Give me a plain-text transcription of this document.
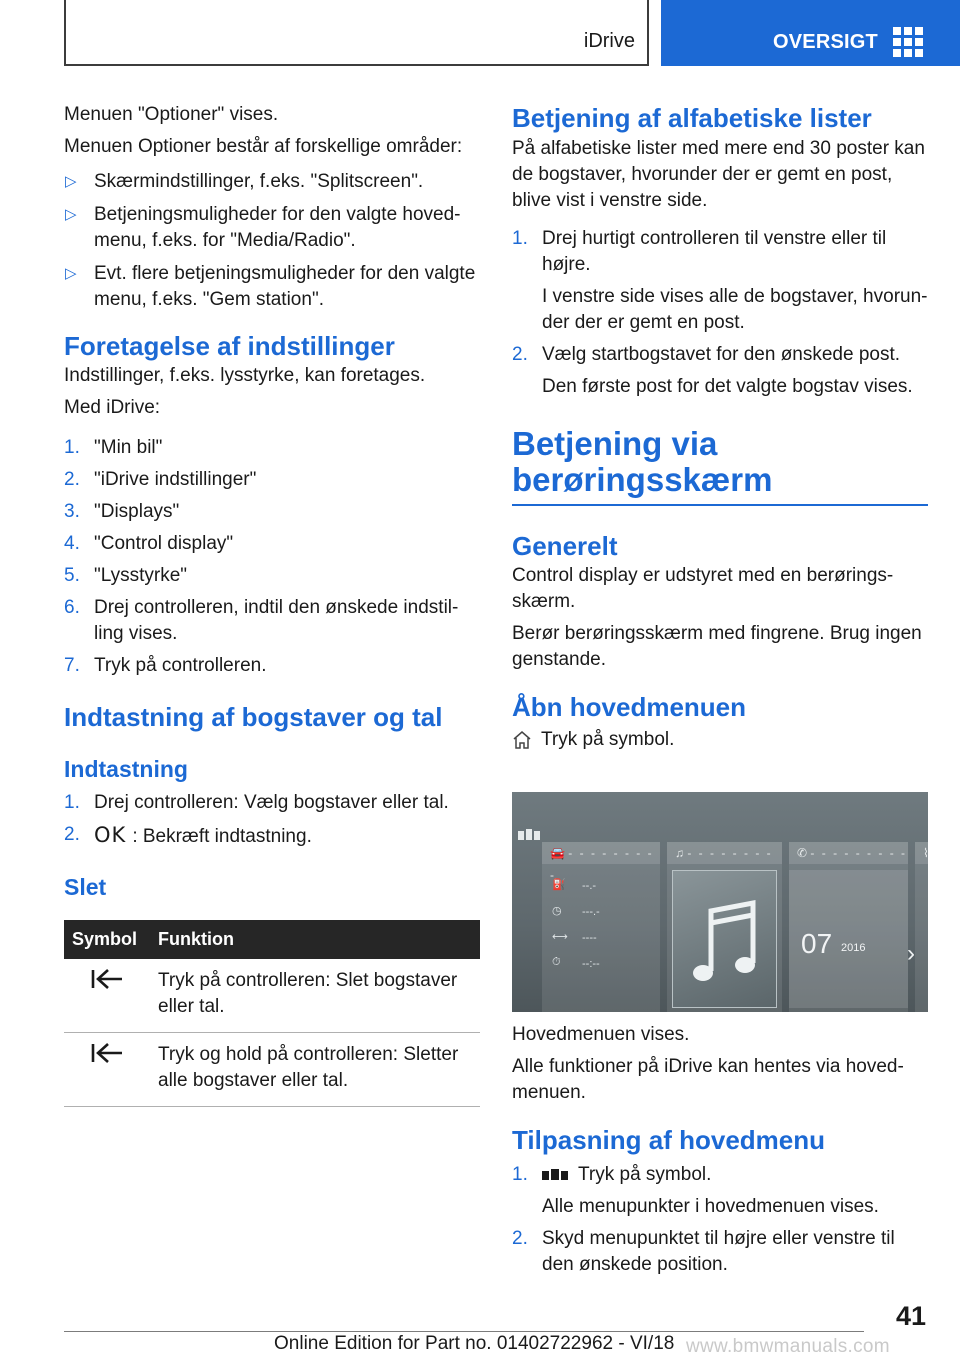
iDrive	OVERSIGT

Menuen "Optioner" vises.

Menuen Optioner består af forskellige områder:

▷ Skærmindstillinger, f.eks. "Splitscreen".
▷ Betjeningsmuligheder for den valgte hoved-menu, f.eks. for "Media/Radio".
▷ Evt. flere betjeningsmuligheder for den valgte menu, f.eks. "Gem station".
Foretagelse af indstillinger

Indstillinger, f.eks. lysstyrke, kan foretages.

Med iDrive:

1. "Min bil"
2. "iDrive indstillinger"
3. "Displays"
4. "Control display"
5. "Lysstyrke"
6. Drej controlleren, indtil den ønskede indstil-ling vises.
7. Tryk på controlleren.
Indtastning af bogstaver og tal
Indtastning
1. Drej controlleren: Vælg bogstaver eller tal.
2. OK : Bekræft indtastning.
Slet
Symbol	Funktion
	Tryk på controlleren: Slet bogstaver eller tal.
	Tryk og hold på controlleren: Sletter alle bogstaver eller tal.
Betjening af alfabetiske lister

På alfabetiske lister med mere end 30 poster kan de bogstaver, hvorunder der er gemt en post, blive vist i venstre side.

1. Drej hurtigt controlleren til venstre eller til højre.
I venstre side vises alle de bogstaver, hvorun-der der er gemt en post.
2. Vælg startbogstavet for den ønskede post.
Den første post for det valgte bogstav vises.
Betjening via berøringsskærm
Generelt

Control display er udstyret med en berørings-skærm.

Berør berøringsskærm med fingrene. Brug ingen genstande.

Åbn hovedmenuen
Tryk på symbol.
🚘 - - - - - - - - -
⛽ --.-
◷ ---.-
⟷ ----
⏱ --:--
♫ - - - - - - - -	✆ - - - - - - - - -
07 2016
⌇
›

Hovedmenuen vises.

Alle funktioner på iDrive kan hentes via hoved-menuen.

Tilpasning af hovedmenu
1.	Tryk på symbol.
Alle menupunkter i hovedmenuen vises.
2. Skyd menupunktet til højre eller venstre til den ønskede position.
41
Online Edition for Part no. 01402722962 - VI/18 www.bmwmanuals.com
